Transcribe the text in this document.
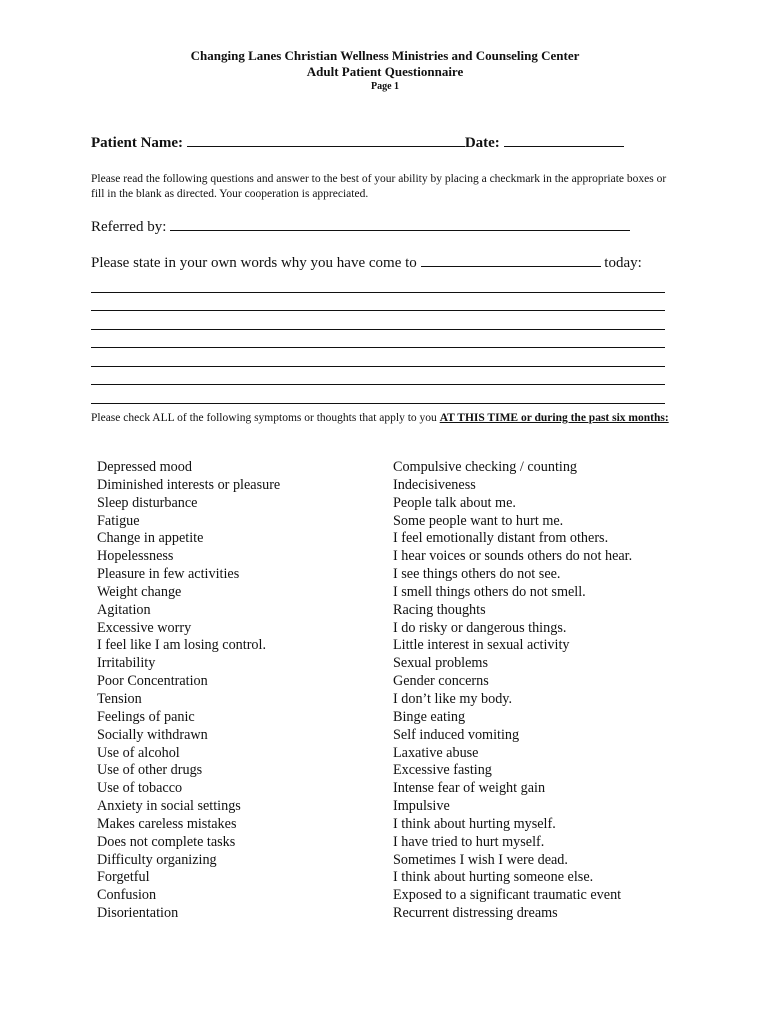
Changing Lanes Christian Wellness Ministries and Counseling Center
Adult Patient Questionnaire
Page 1
Patient Name:	Date:
Please read the following questions and answer to the best of your ability by placing a checkmark in the appropriate boxes or fill in the blank as directed. Your cooperation is appreciated.
Referred by:
Please state in your own words why you have come to	today:
Please check ALL of the following symptoms or thoughts that apply to you AT THIS TIME or during the past six months:
Depressed mood
Diminished interests or pleasure
Sleep disturbance
Fatigue
Change in appetite
Hopelessness
Pleasure in few activities
Weight change
Agitation
Excessive worry
I feel like I am losing control.
Irritability
Poor Concentration
Tension
Feelings of panic
Socially withdrawn
Use of alcohol
Use of other drugs
Use of tobacco
Anxiety in social settings
Makes careless mistakes
Does not complete tasks
Difficulty organizing
Forgetful
Confusion
Disorientation
Compulsive checking / counting
Indecisiveness
People talk about me.
Some people want to hurt me.
I feel emotionally distant from others.
I hear voices or sounds others do not hear.
I see things others do not see.
I smell things others do not smell.
Racing thoughts
I do risky or dangerous things.
Little interest in sexual activity
Sexual problems
Gender concerns
I don’t like my body.
Binge eating
Self induced vomiting
Laxative abuse
Excessive fasting
Intense fear of weight gain
Impulsive
I think about hurting myself.
I have tried to hurt myself.
Sometimes I wish I were dead.
I think about hurting someone else.
Exposed to a significant traumatic event
Recurrent distressing dreams
